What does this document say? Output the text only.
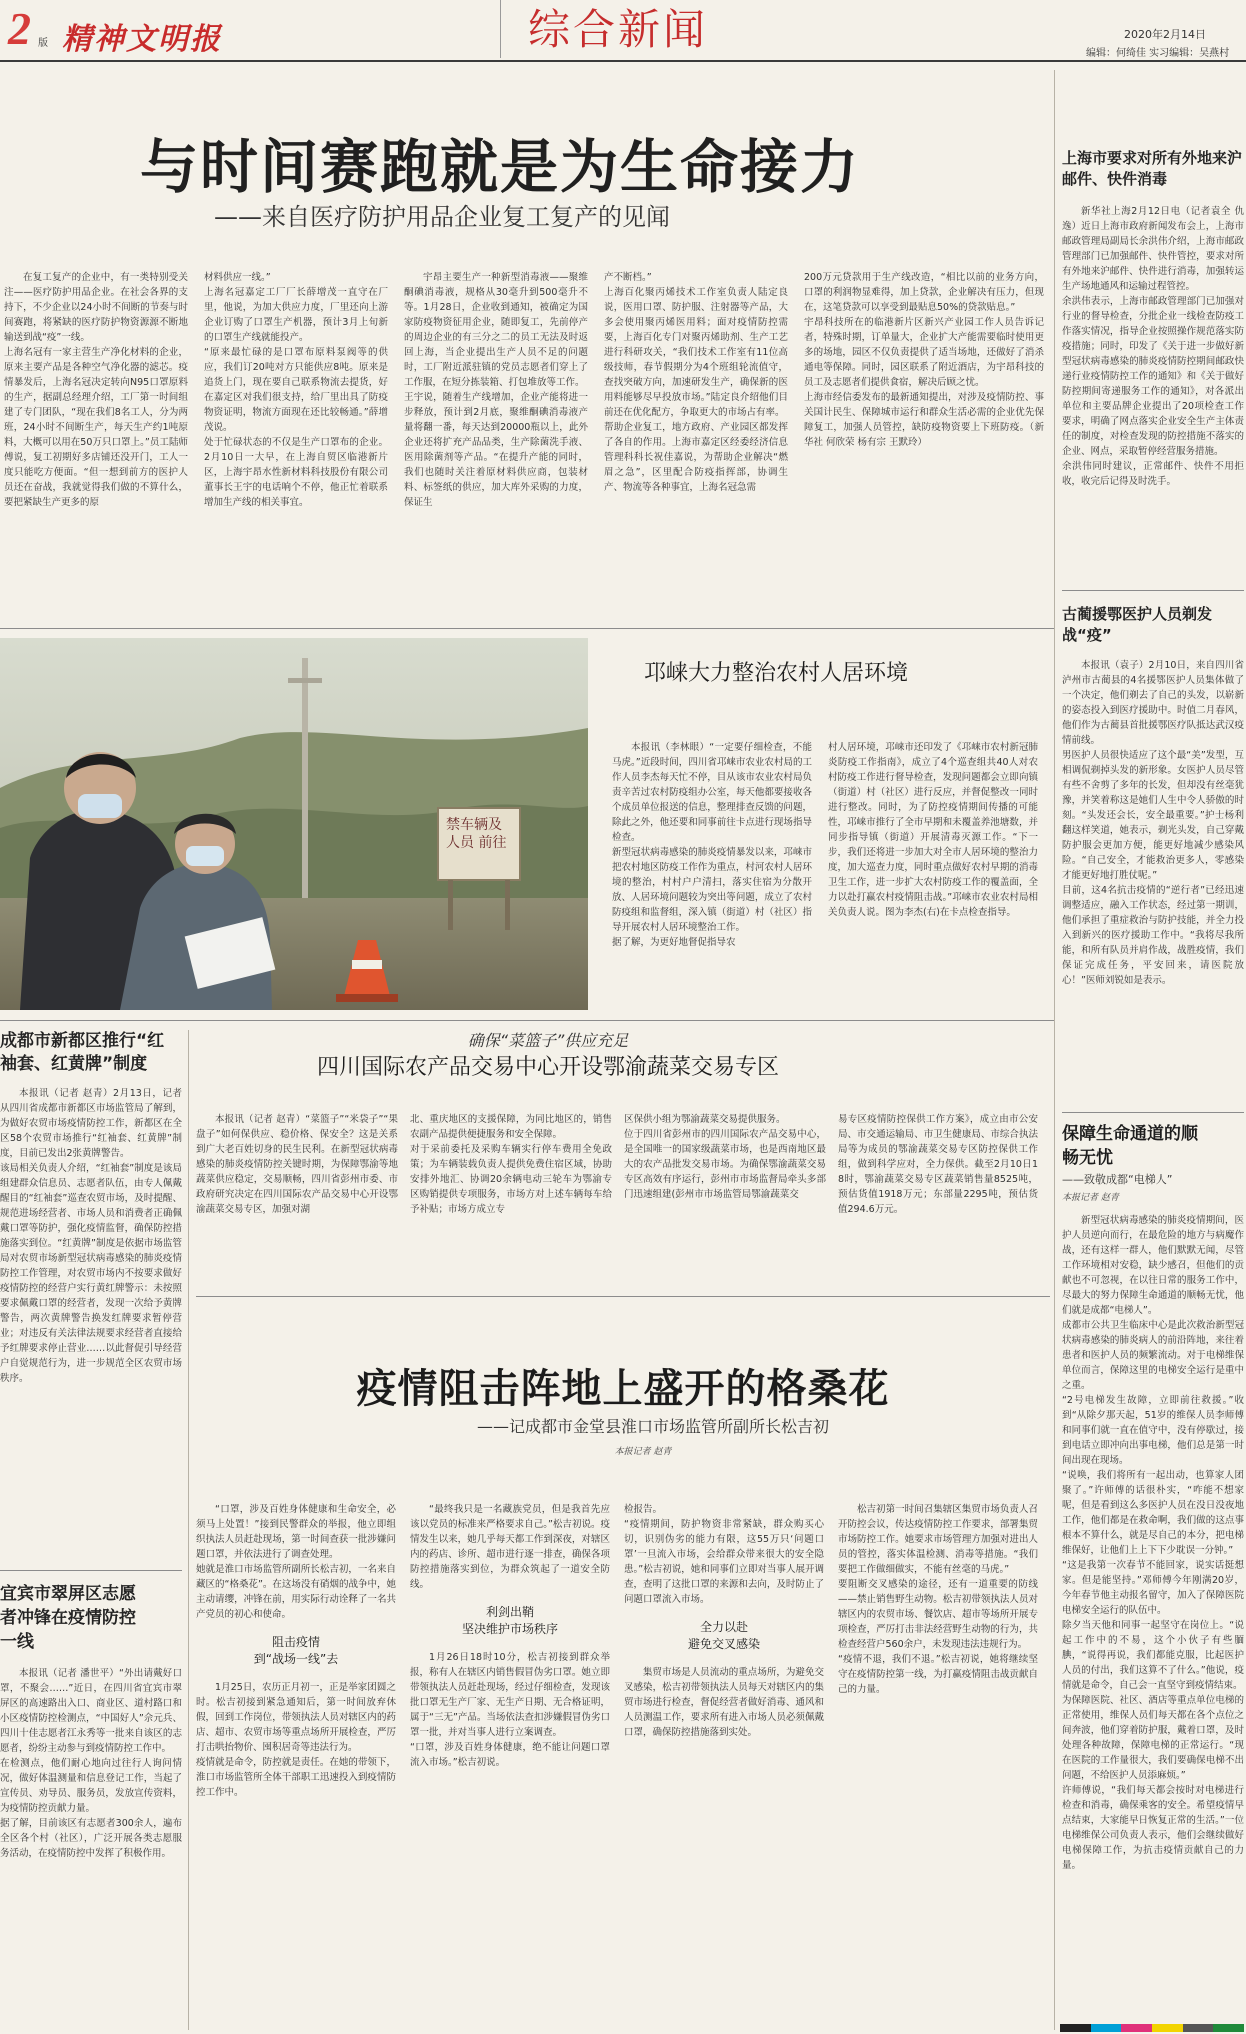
2 版 精神文明报	综合新闻	2020年2月14日
编辑：何绮佳 实习编辑：吴燕村
与时间赛跑就是为生命接力

——来自医疗防护用品企业复工复产的见闻

在复工复产的企业中，有一类特别受关注——医疗防护用品企业。在社会各界的支持下，不少企业以24小时不间断的节奏与时间赛跑，将紧缺的医疗防护物资源源不断地输送到战“疫”一线。
上海名冠有一家主营生产净化材料的企业，原来主要产品是各种空气净化器的滤芯。疫情暴发后，上海名冠决定转向N95口罩原料的生产，据副总经理介绍，工厂第一时间组建了专门团队，“现在我们8名工人，分为两班，24小时不间断生产，每天生产约1吨原料，大概可以用在50万只口罩上。”员工陆师傅说，复工初期好多店铺还没开门，工人一度只能吃方便面。“但一想到前方的医护人员还在奋战，我就觉得我们做的不算什么，要把紧缺生产更多的原

材料供应一线。”
上海名冠嘉定工厂厂长薛增茂一直守在厂里，他说，为加大供应力度，厂里还向上游企业订购了口罩生产机器，预计3月上旬新的口罩生产线就能投产。
“原来最忙碌的是口罩布原料泵阀等的供应，我们订20吨对方只能供应8吨。原来是追货上门，现在要自己联系物流去提货，好在嘉定区对我们很支持，给厂里出具了防疫物资证明，物流方面现在还比较畅通。”薛增茂说。
处于忙碌状态的不仅是生产口罩布的企业。2月10日一大早，在上海自贸区临港新片区，上海宇昂水性新材料科技股份有限公司董事长王宇的电话响个不停，他正忙着联系增加生产线的相关事宜。

宇昂主要生产一种新型消毒液——聚维酮碘消毒液，规格从30毫升到500毫升不等。1月28日，企业收到通知，被确定为国家防疫物资征用企业，随即复工，先前停产的周边企业的有三分之二的员工无法及时返回上海，当企业提出生产人员不足的问题时，工厂附近派驻镇的党员志愿者们穿上了工作服，在短分拣装箱、打包堆放等工作。
王宇说，随着生产线增加，企业产能将进一步释放，预计到2月底，聚维酮碘消毒液产量将翻一番，每天达到20000瓶以上，此外企业还将扩充产品品类，生产除菌洗手液、医用除菌剂等产品。“在提升产能的同时，我们也随时关注着原材料供应商，包装材料、标签纸的供应，加大库外采购的力度，保证生

产不断档。”
上海百化聚丙烯技术工作室负责人陆定良说，医用口罩、防护服、注射器等产品，大多会使用聚丙烯医用料；面对疫情防控需要，上海百化专门对聚丙烯助剂、生产工艺进行科研攻关，“我们技术工作室有11位高级技师，春节假期分为4个班组轮流值守，查找突破方向，加速研发生产，确保新的医用料能够尽早投放市场。”陆定良介绍他们目前还在优化配方，争取更大的市场占有率。
帮助企业复工，地方政府、产业园区都发挥了各自的作用。上海市嘉定区经委经济信息管理科科长祝佳嘉说，为帮助企业解决“燃眉之急”，区里配合防疫指挥部，协调生产、物流等各种事宜，上海名冠急需

200万元贷款用于生产线改造，“相比以前的业务方向，口罩的利润物显难得，加上贷款，企业解决有压力，但现在，这笔贷款可以享受到最贴息50%的贷款贴息。”
宇昂科技所在的临港新片区新兴产业园工作人员告诉记者，特殊时期，订单量大，企业扩大产能需要临时使用更多的场地，园区不仅负责提供了适当场地，还做好了消杀通电等保障。同时，园区联系了附近酒店，为宇昂科技的员工及志愿者们提供食宿，解决后顾之忧。
上海市经信委发布的最新通知提出，对涉及疫情防控、事关国计民生、保障城市运行和群众生活必需的企业优先保障复工，加强人员管控，缺防疫物资要上下班防疫。（新华社 何欣荣 杨有宗 王默玲）

上海市要求对所有外地来沪邮件、快件消毒

新华社上海2月12日电（记者袁全 仇逸）近日上海市政府新闻发布会上，上海市邮政管理局副局长余洪伟介绍，上海市邮政管理部门已加强邮件、快件管控，要求对所有外地来沪邮件、快件进行消毒，加强转运生产场地通风和运输过程管控。
余洪伟表示，上海市邮政管理部门已加强对行业的督导检查，分批企业一线检查防疫工作落实情况，指导企业按照操作规范落实防疫措施；同时，印发了《关于进一步做好新型冠状病毒感染的肺炎疫情防控期间邮政快递行业疫情防控工作的通知》和《关于做好防控期间寄递服务工作的通知》，对各派出单位和主要品牌企业提出了20项检查工作要求，明确了网点落实企业安全生产主体责任的制度，对检查发现的防控措施不落实的企业、网点，采取暂停经营服务措施。
余洪伟同时建议，正常邮件、快件不用拒收，收完后记得及时洗手。

古蔺援鄂医护人员剃发战“疫”

本报讯（袁子）2月10日，来自四川省泸州市古蔺县的4名援鄂医护人员集体做了一个决定，他们剃去了自己的头发，以崭新的姿态投入到医疗援助中。时值二月春风，他们作为古蔺县首批援鄂医疗队抵达武汉疫情前线。
男医护人员很快适应了这个最“美”发型，互相调侃剃掉头发的新形象。女医护人员尽管有些不舍剪了多年的长发，但却没有丝毫犹豫，并笑着称这是她们人生中令人骄傲的时刻。“头发还会长，安全最重要。”护士杨利翻这样笑道，她表示，剃光头发，自己穿戴防护服会更加方便，能更好地减少感染风险。“自己安全，才能救治更多人，零感染才能更好地打胜仗呢。”
目前，这4名抗击疫情的“逆行者”已经迅速调整适应，融入工作状态，经过第一期训，他们承担了重症救治与防护技能，并全力投入到新兴的医疗援助工作中。“我将尽我所能，和所有队员并肩作战，战胜疫情，我们保证完成任务，平安回来，请医院放心！”医师刘锐如是表示。

保障生命通道的顺畅无忧

——致敬成都“电梯人”

本报记者 赵青

新型冠状病毒感染的肺炎疫情期间，医护人员逆向而行，在最危险的地方与病魔作战，还有这样一群人，他们默默无闻，尽管工作环境相对安稳，缺少感召，但他们的贡献也不可忽视，在以往日常的服务工作中，尽最大的努力保障生命通道的顺畅无忧，他们就是成都“电梯人”。
成都市公共卫生临床中心是此次救治新型冠状病毒感染的肺炎病人的前沿阵地，来往着患者和医护人员的频繁流动。对于电梯维保单位而言，保障这里的电梯安全运行是重中之重。
“2号电梯发生故障，立即前往救援。”收到“从除夕那天起，51岁的维保人员李师傅和同事们就一直在值守中，没有停歇过，接到电话立即冲向出事电梯，他们总是第一时间出现在现场。
“说唤，我们将所有一起出动，也算家人团聚了。”许师傅的话很朴实，“咋能不想家呢，但是看到这么多医护人员在没日没夜地工作，他们都是在救命啊，我们做的这点事根本不算什么，就是尽自己的本分，把电梯维保好，让他们上上下下少耽误一分钟。”
“这是我第一次春节不能回家，说实话挺想家。但是能坚持。”邓师傅今年刚满20岁，今年春节他主动报名留守，加入了保障医院电梯安全运行的队伍中。
除夕当天他和同事一起坚守在岗位上。“说起工作中的不易，这个小伙子有些腼腆，“说得再说，我们都能克服，比起医护人员的付出，我们这算不了什么。”他说，疫情就是命令，自己会一直坚守到疫情结束。
为保障医院、社区、酒店等重点单位电梯的正常使用，维保人员们每天都在各个点位之间奔波，他们穿着防护服，戴着口罩，及时处理各种故障，保障电梯的正常运行。“现在医院的工作量很大，我们要确保电梯不出问题，不给医护人员添麻烦。”
许师傅说，“我们每天都会按时对电梯进行检查和消毒，确保乘客的安全。希望疫情早点结束，大家能早日恢复正常的生活。”一位电梯维保公司负责人表示，他们会继续做好电梯保障工作，为抗击疫情贡献自己的力量。

禁车辆及人员 前往
邛崃大力整治农村人居环境

本报讯（李林眼）“一定要仔细检查，不能马虎。”近段时间，四川省邛崃市农业农村局的工作人员李杰每天忙不停，目从该市农业农村局负责辛苦过农村防疫组办公室，每天他都要接收各个成员单位报送的信息，整理排查反馈的问题，除此之外，他还要和同事前往卡点进行现场指导检查。
新型冠状病毒感染的肺炎疫情暴发以来，邛崃市把农村地区防疫工作作为重点，村河农村人居环境的整治，村村户户清扫，落实住宿为分散开放、人居环境问题较为突出等问题，成立了农村防疫组和监督组，深入镇（街道）村（社区）指导开展农村人居环境整治工作。
据了解，为更好地督促指导农

村人居环境，邛崃市还印发了《邛崃市农村新冠肺炎防疫工作指南》，成立了4个巡查组共40人对农村防疫工作进行督导检查，发现问题都会立即向镇（街道）村（社区）进行反应，并督促整改一同时进行整改。同时，为了防控疫情期间传播的可能性，邛崃市推行了全市早期和未覆盖养池塘数，并同步指导镇（街道）开展清毒灭源工作。“下一步，我们还将进一步加大对全市人居环境的整治力度，加大巡查力度，同时重点做好农村早期的消毒卫生工作，进一步扩大农村防疫工作的覆盖面，全力以赴打赢农村疫情阻击战。”邛崃市农业农村局相关负责人说。图为李杰(右)在卡点检查指导。

成都市新都区推行“红袖套、红黄牌”制度

本报讯（记者 赵青）2月13日，记者从四川省成都市新都区市场监管局了解到，为做好农贸市场疫情防控工作，新都区在全区58个农贸市场推行“红袖套、红黄牌”制度，目前已发出2张黄牌警告。
该局相关负责人介绍，“红袖套”制度是该局组建群众信息员、志愿者队伍，由专人佩戴醒目的“红袖套”巡查农贸市场，及时提醒、规范进场经营者、市场人员和消费者正确佩戴口罩等防护，强化疫情监督，确保防控措施落实到位。“红黄牌”制度是依据市场监管局对农贸市场新型冠状病毒感染的肺炎疫情防控工作管理，对农贸市场内不按要求做好疫情防控的经营户实行黄红牌警示：未按照要求佩戴口罩的经营者，发现一次给予黄牌警告，两次黄牌警告换发红牌要求暂停营业；对违反有关法律法规要求经营者直接给予红牌要求停止营业……以此督促引导经营户自觉规范行为，进一步规范全区农贸市场秩序。

确保“菜篮子”供应充足

四川国际农产品交易中心开设鄂渝蔬菜交易专区

本报讯（记者 赵青）“菜篮子”“米袋子”“果盘子”如何保供应、稳价格、保安全？这是关系到广大老百姓切身的民生民利。在新型冠状病毒感染的肺炎疫情防控关键时期，为保障鄂渝等地蔬菜供应稳定，交易顺畅，四川省彭州市委、市政府研究决定在四川国际农产品交易中心开设鄂渝蔬菜交易专区，加强对湖

北、重庆地区的支援保障，为同比地区的，销售农副产品提供便捷服务和安全保障。
对于采前委托及采购车辆实行停车费用全免政策；为车辆装载负责人提供免费住宿区域，协助安排外地汇、协调20余辆电动三轮车为鄂渝专区购销提供专项服务，市场方对上述车辆每车给予补贴；市场方成立专

区保供小组为鄂渝蔬菜交易提供服务。
位于四川省彭州市的四川国际农产品交易中心，是全国唯一的国家级蔬菜市场，也是西南地区最大的农产品批发交易市场。为确保鄂渝蔬菜交易专区高效有序运行，彭州市市场监督局牵头多部门迅速组建(彭州市市场监管局鄂渝蔬菜交

易专区疫情防控保供工作方案》，成立由市公安局、市交通运输局、市卫生健康局、市综合执法局等为成员的鄂渝蔬菜交易专区防控保供工作组，做到科学应对，全力保供。截至2月10日18时，鄂渝蔬菜交易专区蔬菜销售量8525吨，预估货值1918万元；东部量2295吨，预估货值294.6万元。

宜宾市翠屏区志愿者冲锋在疫情防控一线

本报讯（记者 潘世平）“外出请戴好口罩，不聚会……”近日，在四川省宜宾市翠屏区的高速路出入口、商业区、道村路口和小区疫情防控检测点，“中国好人”佘元兵、四川十佳志愿者江永秀等一批来自该区的志愿者，纷纷主动参与到疫情防控工作中。
在检测点，他们耐心地向过往行人询问情况，做好体温测量和信息登记工作，当起了宣传员、劝导员、服务员，发放宣传资料，为疫情防控贡献力量。
据了解，目前该区有志愿者300余人，遍布全区各个村（社区），广泛开展各类志愿服务活动，在疫情防控中发挥了积极作用。

疫情阻击阵地上盛开的格桑花

——记成都市金堂县淮口市场监管所副所长松吉初

本报记者 赵青

“口罩，涉及百姓身体健康和生命安全，必须马上处置！”接到民警群众的举报，他立即组织执法人员赶赴现场，第一时间查获一批涉嫌问题口罩，并依法进行了调查处理。
她就是淮口市场监管所副所长松吉初，一名来自藏区的“格桑花”。在这场没有硝烟的战争中，她主动请缨，冲锋在前，用实际行动诠释了一名共产党员的初心和使命。

阻击疫情
到“战场一线”去

1月25日，农历正月初一，正是举家团圆之时。松吉初接到紧急通知后，第一时间放弃休假，回到工作岗位，带领执法人员对辖区内的药店、超市、农贸市场等重点场所开展检查，严厉打击哄抬物价、囤积居奇等违法行为。
疫情就是命令，防控就是责任。在她的带领下，淮口市场监管所全体干部职工迅速投入到疫情防控工作中。

“最终我只是一名藏族党员，但是我首先应该以党员的标准来严格要求自己。”松吉初说。疫情发生以来，她几乎每天都工作到深夜，对辖区内的药店、诊所、超市进行逐一排查，确保各项防控措施落实到位，为群众筑起了一道安全防线。

利剑出鞘
坚决维护市场秩序

1月26日18时10分，松吉初接到群众举报，称有人在辖区内销售假冒伪劣口罩。她立即带领执法人员赶赴现场，经过仔细检查，发现该批口罩无生产厂家、无生产日期、无合格证明，属于“三无”产品。当场依法查扣涉嫌假冒伪劣口罩一批，并对当事人进行立案调查。
“口罩，涉及百姓身体健康，绝不能让问题口罩流入市场。”松吉初说。

检报告。
“疫情期间，防护物资非常紧缺，群众购买心切，识别伪劣的能力有限，这55万只‘问题口罩’一旦流入市场，会给群众带来很大的安全隐患。”松吉初说，她和同事们立即对当事人展开调查，查明了这批口罩的来源和去向，及时防止了问题口罩流入市场。

全力以赴
避免交叉感染

集贸市场是人员流动的重点场所，为避免交叉感染，松吉初带领执法人员每天对辖区内的集贸市场进行检查，督促经营者做好消毒、通风和人员测温工作，要求所有进入市场人员必须佩戴口罩，确保防控措施落到实处。

松吉初第一时间召集辖区集贸市场负责人召开防控会议，传达疫情防控工作要求，部署集贸市场防控工作。她要求市场管理方加强对进出人员的管控，落实体温检测、消毒等措施。“我们要把工作做细做实，不能有丝毫的马虎。”
要阻断交叉感染的途径，还有一道重要的防线——禁止销售野生动物。松吉初带领执法人员对辖区内的农贸市场、餐饮店、超市等场所开展专项检查，严厉打击非法经营野生动物的行为，共检查经营户560余户，未发现违法违规行为。
“疫情不退，我们不退。”松吉初说，她将继续坚守在疫情防控第一线，为打赢疫情阻击战贡献自己的力量。
